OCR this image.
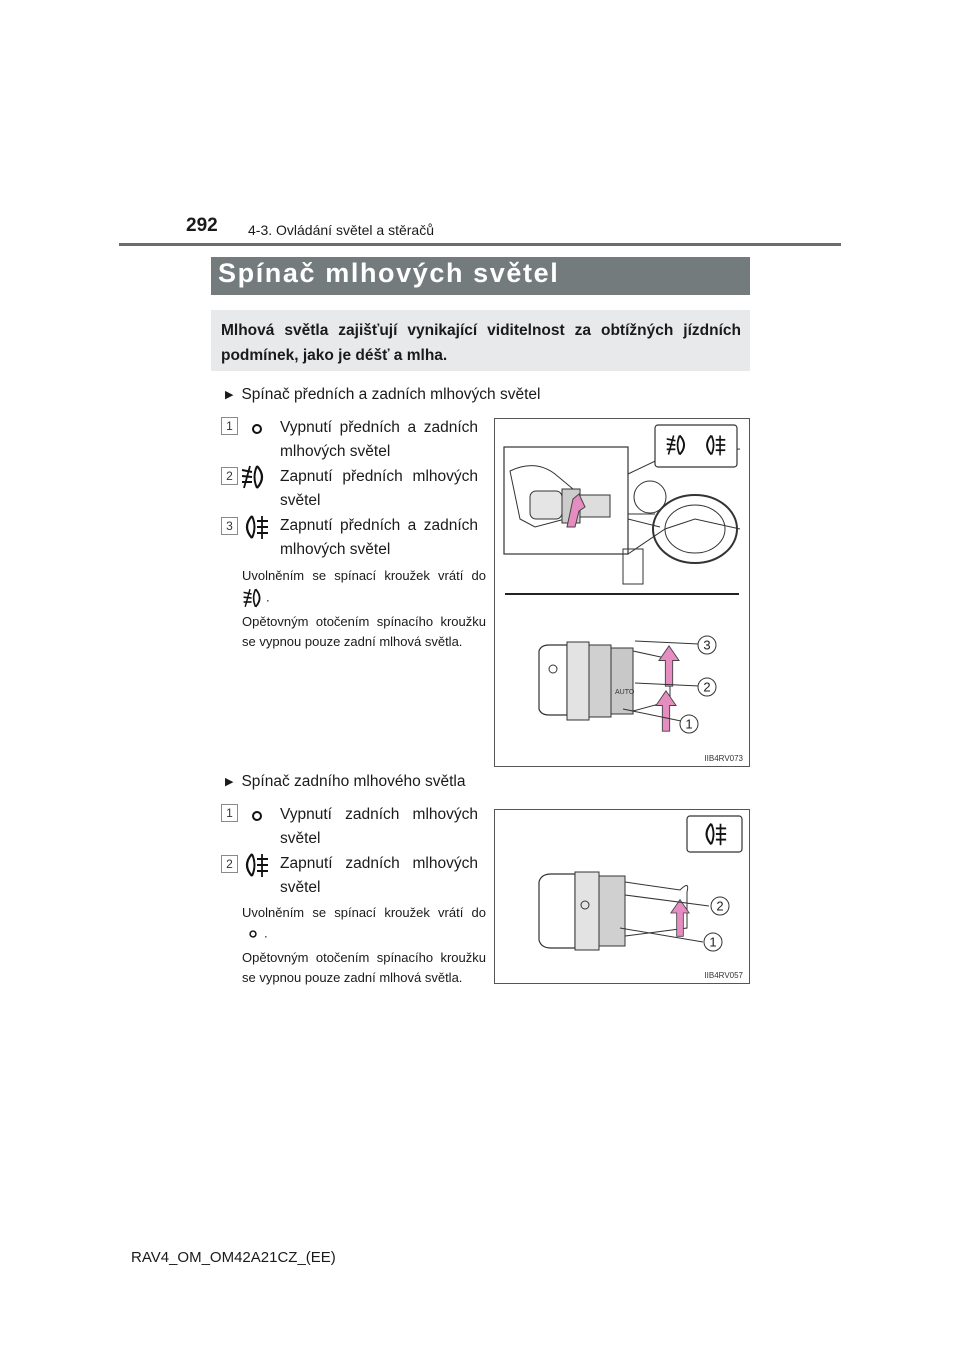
292 4-3. Ovládání světel a stěračů
Spínač mlhových světel
Mlhová světla zajišťují vynikající viditelnost za obtížných jízdních podmínek, jako je déšť a mlha.
▶ Spínač předních a zadních mlhových světel
1	Vypnutí předních a zadních mlhových světel
2	Zapnutí předních mlhových světel
3	Zapnutí předních a zadních mlhových světel
Uvolněním se spínací kroužek vrátí do .
Opětovným otočením spínacího kroužku se vypnou pouze zadní mlhová světla.
AUTO
3
2
1
IIB4RV073
▶ Spínač zadního mlhového světla
1	Vypnutí zadních mlhových světel
2	Zapnutí zadních mlhových světel
Uvolněním se spínací kroužek vrátí do .
Opětovným otočením spínacího kroužku se vypnou pouze zadní mlhová světla.
2
1
IIB4RV057
RAV4_OM_OM42A21CZ_(EE)
